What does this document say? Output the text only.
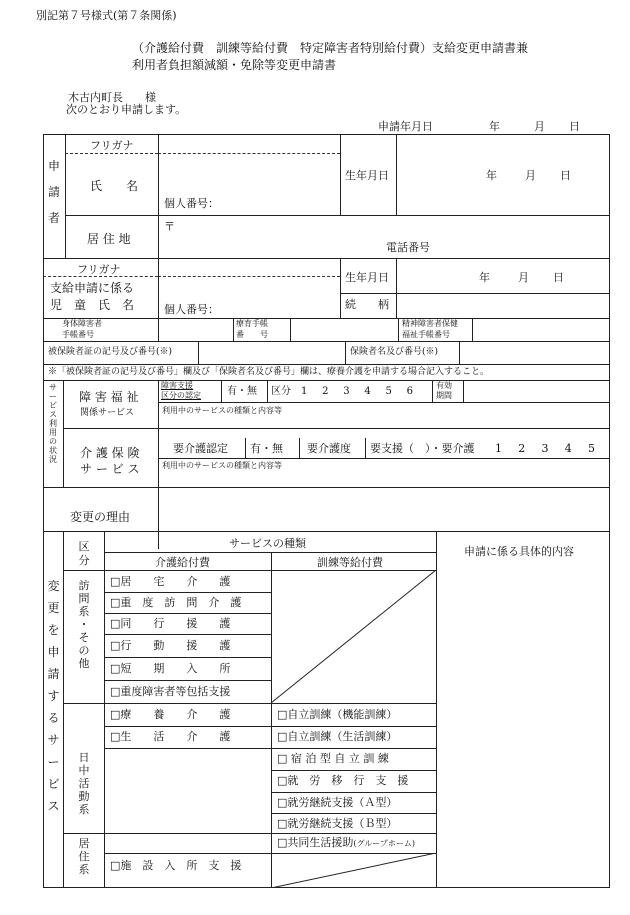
別記第７号様式(第７条関係)
（介護給付費　訓練等給付費　特定障害者特別給付費）支給変更申請書兼
利用者負担額減額・免除等変更申請書
木古内町長　　様
次のとおり申請します。
申請年月日	年	月 日
申
請
者
フリガナ
氏　　名
個人番号：
生年月日	年	月 日
居 住 地
〒
電話番号
フリガナ
支給申請に係る
児　童　氏　名	個人番号：
生年月日	年	月 日
続　　柄
身体障害者
手帳番号
療育手帳
番　　号
精神障害者保健
福祉手帳番号
被保険者証の記号及び番号(※)	保険者名及び番号(※)
※「被保険者証の記号及び番号」欄及び「保険者名及び番号」欄は、療養介護を申請する場合記入すること。
サ
ー
ビ
ス
利
用
の
状
況
障 害 福 祉
関係サービス
障害支援
区分の認定	有・無 区分 1 2 3 4 5 6
有効
期間
利用中のサービスの種類と内容等
介 護 保 険
サ ー ビ ス
要介護認定 有・無 要介護度 要支援（　）・要介護 1 2 3 4 5
利用中のサービスの種類と内容等
変更の理由
変
更
を
申
請
す
る
サ
ー
ビ
ス
区
分
サービスの種類
介護給付費	訓練等給付費
申請に係る具体的内容
訪
問
系
・
そ
の
他
□居　　宅　　介　　護
□重　度　訪　問　介　護
□同　　行　　援　　護
□行　　動　　援　　護
□短　　期　　入　　所
□重度障害者等包括支援
日
中
活
動
系
□療　　養　　介　　護
□生　　活　　介　　護
□自立訓練（機能訓練）
□自立訓練（生活訓練）
□ 宿 泊 型 自 立 訓 練
□就　労　移　行　支　援
□就労継続支援（Ａ型）
□就労継続支援（Ｂ型）
居
住
系
□共同生活援助(グループホーム)
□施　設　入　所　支　援
